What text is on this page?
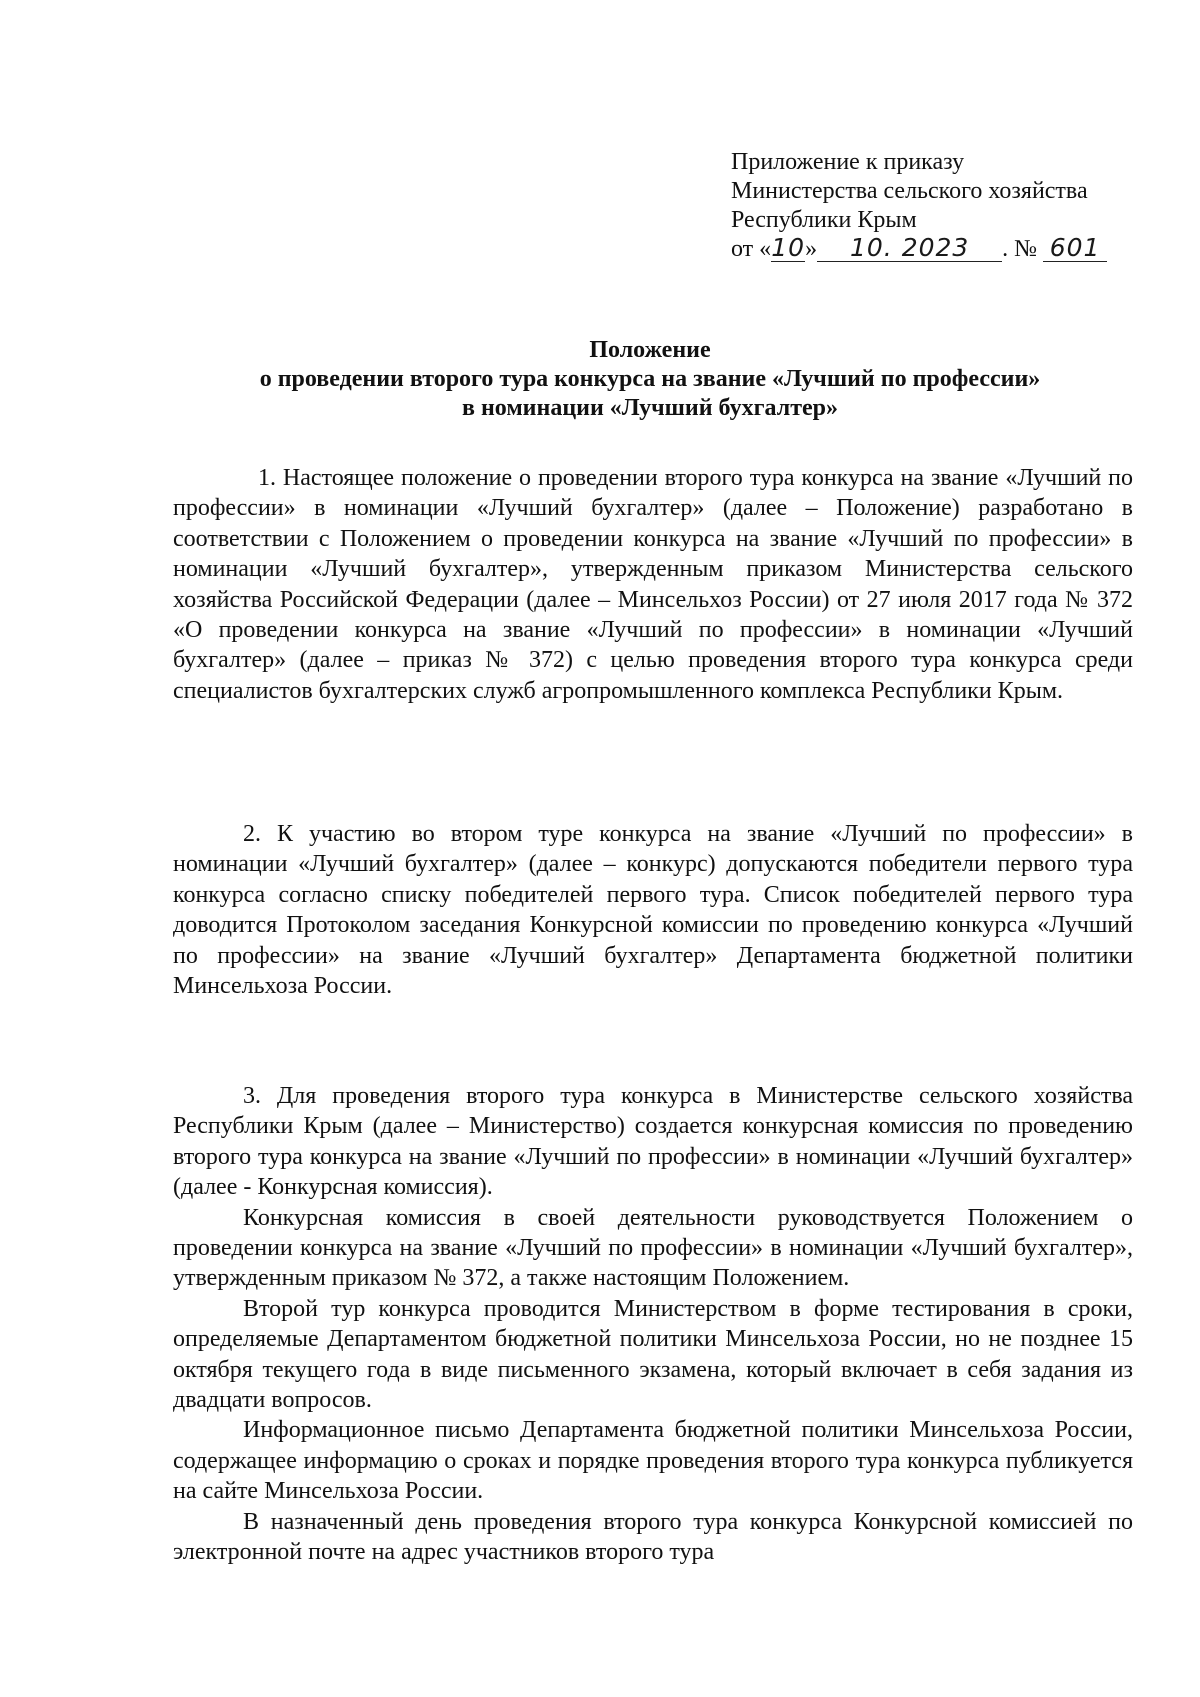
Приложение к приказу
Министерства сельского хозяйства
Республики Крым
от «10» 10. 2023 . № 601
Положение
о проведении второго тура конкурса на звание «Лучший по профессии»
в номинации «Лучший бухгалтер»

1. Настоящее положение о проведении второго тура конкурса на звание «Лучший по профессии» в номинации «Лучший бухгалтер» (далее – Положение) разработано в соответствии с Положением о проведении конкурса на звание «Лучший по профессии» в номинации «Лучший бухгалтер», утвержденным приказом Министерства сельского хозяйства Российской Федерации (далее – Минсельхоз России) от 27 июля 2017 года № 372 «О проведении конкурса на звание «Лучший по профессии» в номинации «Лучший бухгалтер» (далее – приказ № 372) с целью проведения второго тура конкурса среди специалистов бухгалтерских служб агропромышленного комплекса Республики Крым.

2. К участию во втором туре конкурса на звание «Лучший по профессии» в номинации «Лучший бухгалтер» (далее – конкурс) допускаются победители первого тура конкурса согласно списку победителей первого тура. Список победителей первого тура доводится Протоколом заседания Конкурсной комиссии по проведению конкурса «Лучший по профессии» на звание «Лучший бухгалтер» Департамента бюджетной политики Минсельхоза России.

3. Для проведения второго тура конкурса в Министерстве сельского хозяйства Республики Крым (далее – Министерство) создается конкурсная комиссия по проведению второго тура конкурса на звание «Лучший по профессии» в номинации «Лучший бухгалтер» (далее - Конкурсная комиссия).

Конкурсная комиссия в своей деятельности руководствуется Положением о проведении конкурса на звание «Лучший по профессии» в номинации «Лучший бухгалтер», утвержденным приказом № 372, а также настоящим Положением.

Второй тур конкурса проводится Министерством в форме тестирования в сроки, определяемые Департаментом бюджетной политики Минсельхоза России, но не позднее 15 октября текущего года в виде письменного экзамена, который включает в себя задания из двадцати вопросов.

Информационное письмо Департамента бюджетной политики Минсельхоза России, содержащее информацию о сроках и порядке проведения второго тура конкурса публикуется на сайте Минсельхоза России.

В назначенный день проведения второго тура конкурса Конкурсной комиссией по электронной почте на адрес участников второго тура
